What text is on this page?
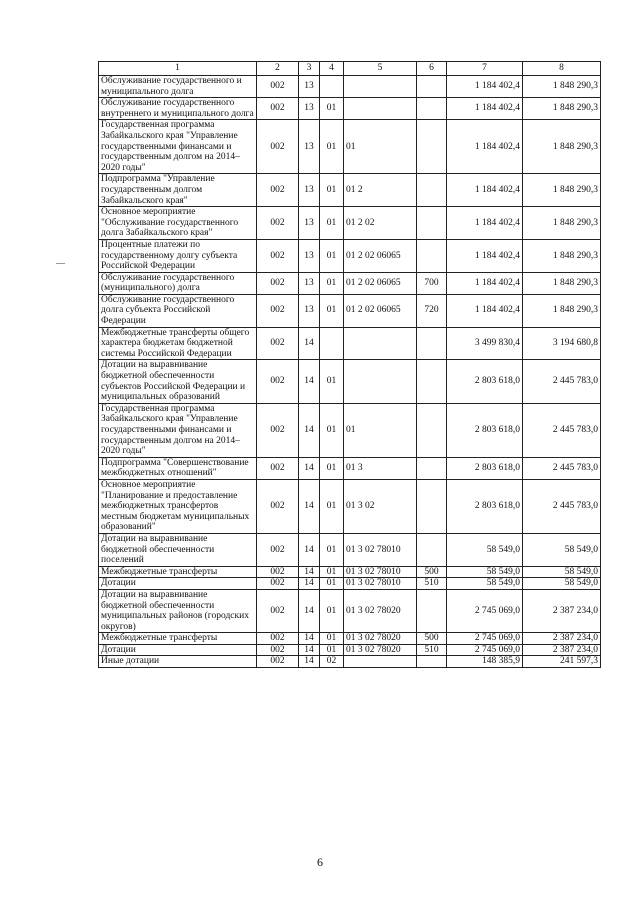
1	2	3	4	5	6	7	8
Обслуживание государственного и муниципального долга	002	13				1 184 402,4	1 848 290,3
Обслуживание государственного внутреннего и муниципального долга	002	13	01			1 184 402,4	1 848 290,3
Государственная программа Забайкальского края "Управление государственными финансами и государственным долгом на 2014–2020 годы"	002	13	01	01		1 184 402,4	1 848 290,3
Подпрограмма "Управление государственным долгом Забайкальского края"	002	13	01	01 2		1 184 402,4	1 848 290,3
Основное мероприятие "Обслуживание государственного долга Забайкальского края"	002	13	01	01 2 02		1 184 402,4	1 848 290,3
Процентные платежи по государственному долгу субъекта Российской Федерации	002	13	01	01 2 02 06065		1 184 402,4	1 848 290,3
Обслуживание государственного (муниципального) долга	002	13	01	01 2 02 06065	700	1 184 402,4	1 848 290,3
Обслуживание государственного долга субъекта Российской Федерации	002	13	01	01 2 02 06065	720	1 184 402,4	1 848 290,3
Межбюджетные трансферты общего характера бюджетам бюджетной системы Российской Федерации	002	14				3 499 830,4	3 194 680,8
Дотации на выравнивание бюджетной обеспеченности субъектов Российской Федерации и муниципальных образований	002	14	01			2 803 618,0	2 445 783,0
Государственная программа Забайкальского края "Управление государственными финансами и государственным долгом на 2014–2020 годы"	002	14	01	01		2 803 618,0	2 445 783,0
Подпрограмма "Совершенствование межбюджетных отношений"	002	14	01	01 3		2 803 618,0	2 445 783,0
Основное мероприятие "Планирование и предоставление межбюджетных трансфертов местным бюджетам муниципальных образований"	002	14	01	01 3 02		2 803 618,0	2 445 783,0
Дотации на выравнивание бюджетной обеспеченности поселений	002	14	01	01 3 02 78010		58 549,0	58 549,0
Межбюджетные трансферты	002	14	01	01 3 02 78010	500	58 549,0	58 549,0
Дотации	002	14	01	01 3 02 78010	510	58 549,0	58 549,0
Дотации на выравнивание бюджетной обеспеченности муниципальных районов (городских округов)	002	14	01	01 3 02 78020		2 745 069,0	2 387 234,0
Межбюджетные трансферты	002	14	01	01 3 02 78020	500	2 745 069,0	2 387 234,0
Дотации	002	14	01	01 3 02 78020	510	2 745 069,0	2 387 234,0
Иные дотации	002	14	02			148 385,9	241 597,3
6
